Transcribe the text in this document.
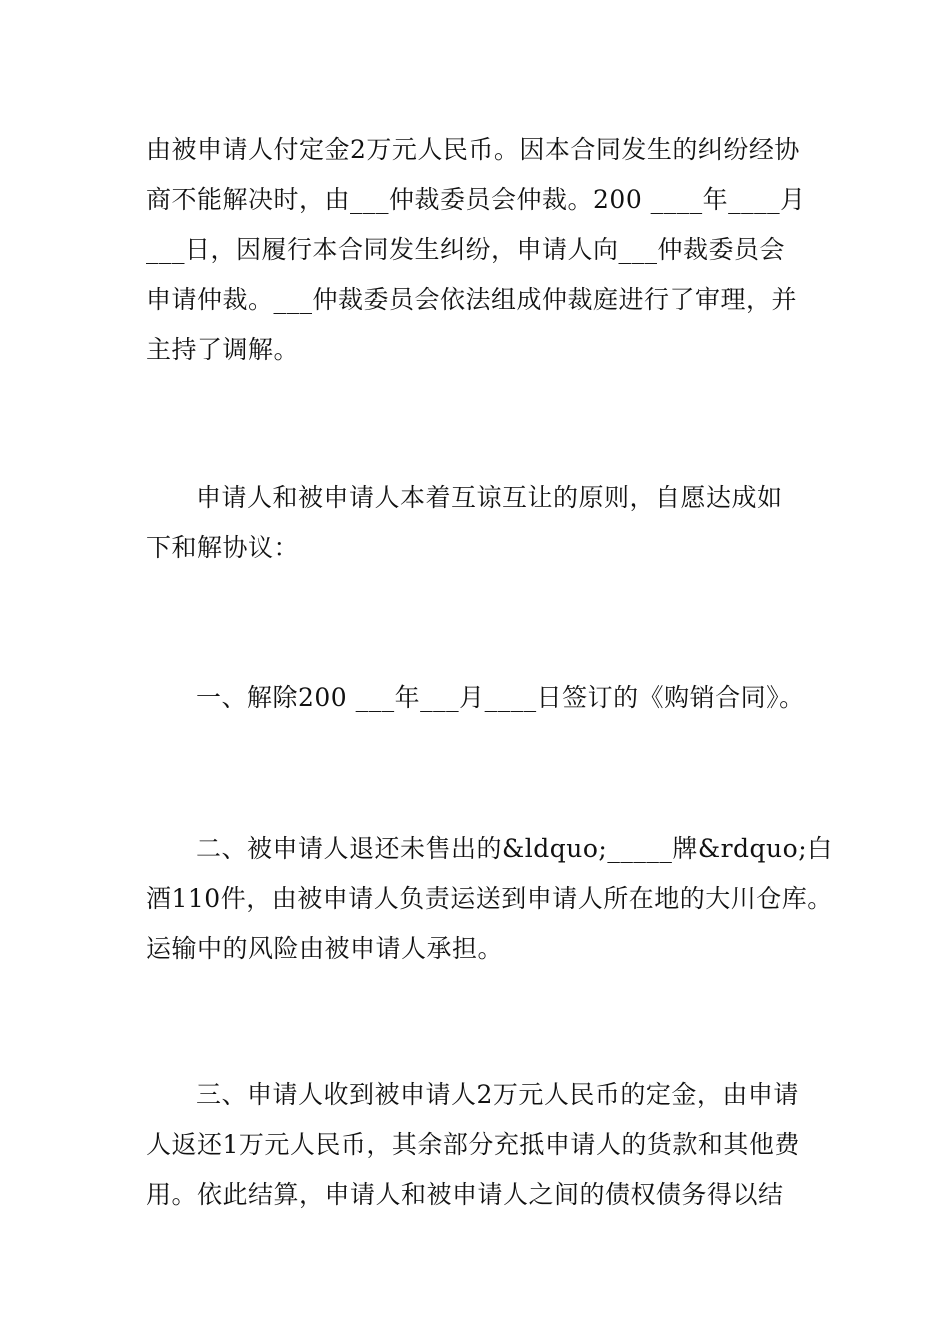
由被申请人付定金2万元人民币。因本合同发生的纠纷经协
商不能解决时，由___仲裁委员会仲裁。200 ____年____月
___日，因履行本合同发生纠纷，申请人向___仲裁委员会
申请仲裁。___仲裁委员会依法组成仲裁庭进行了审理，并
主持了调解。

申请人和被申请人本着互谅互让的原则，自愿达成如
下和解协议：

一、解除200 ___年___月____日签订的《购销合同》。

二、被申请人退还未售出的&ldquo;_____牌&rdquo;白
酒110件，由被申请人负责运送到申请人所在地的大川仓库。
运输中的风险由被申请人承担。

三、申请人收到被申请人2万元人民币的定金，由申请
人返还1万元人民币，其余部分充抵申请人的货款和其他费
用。依此结算，申请人和被申请人之间的债权债务得以结
